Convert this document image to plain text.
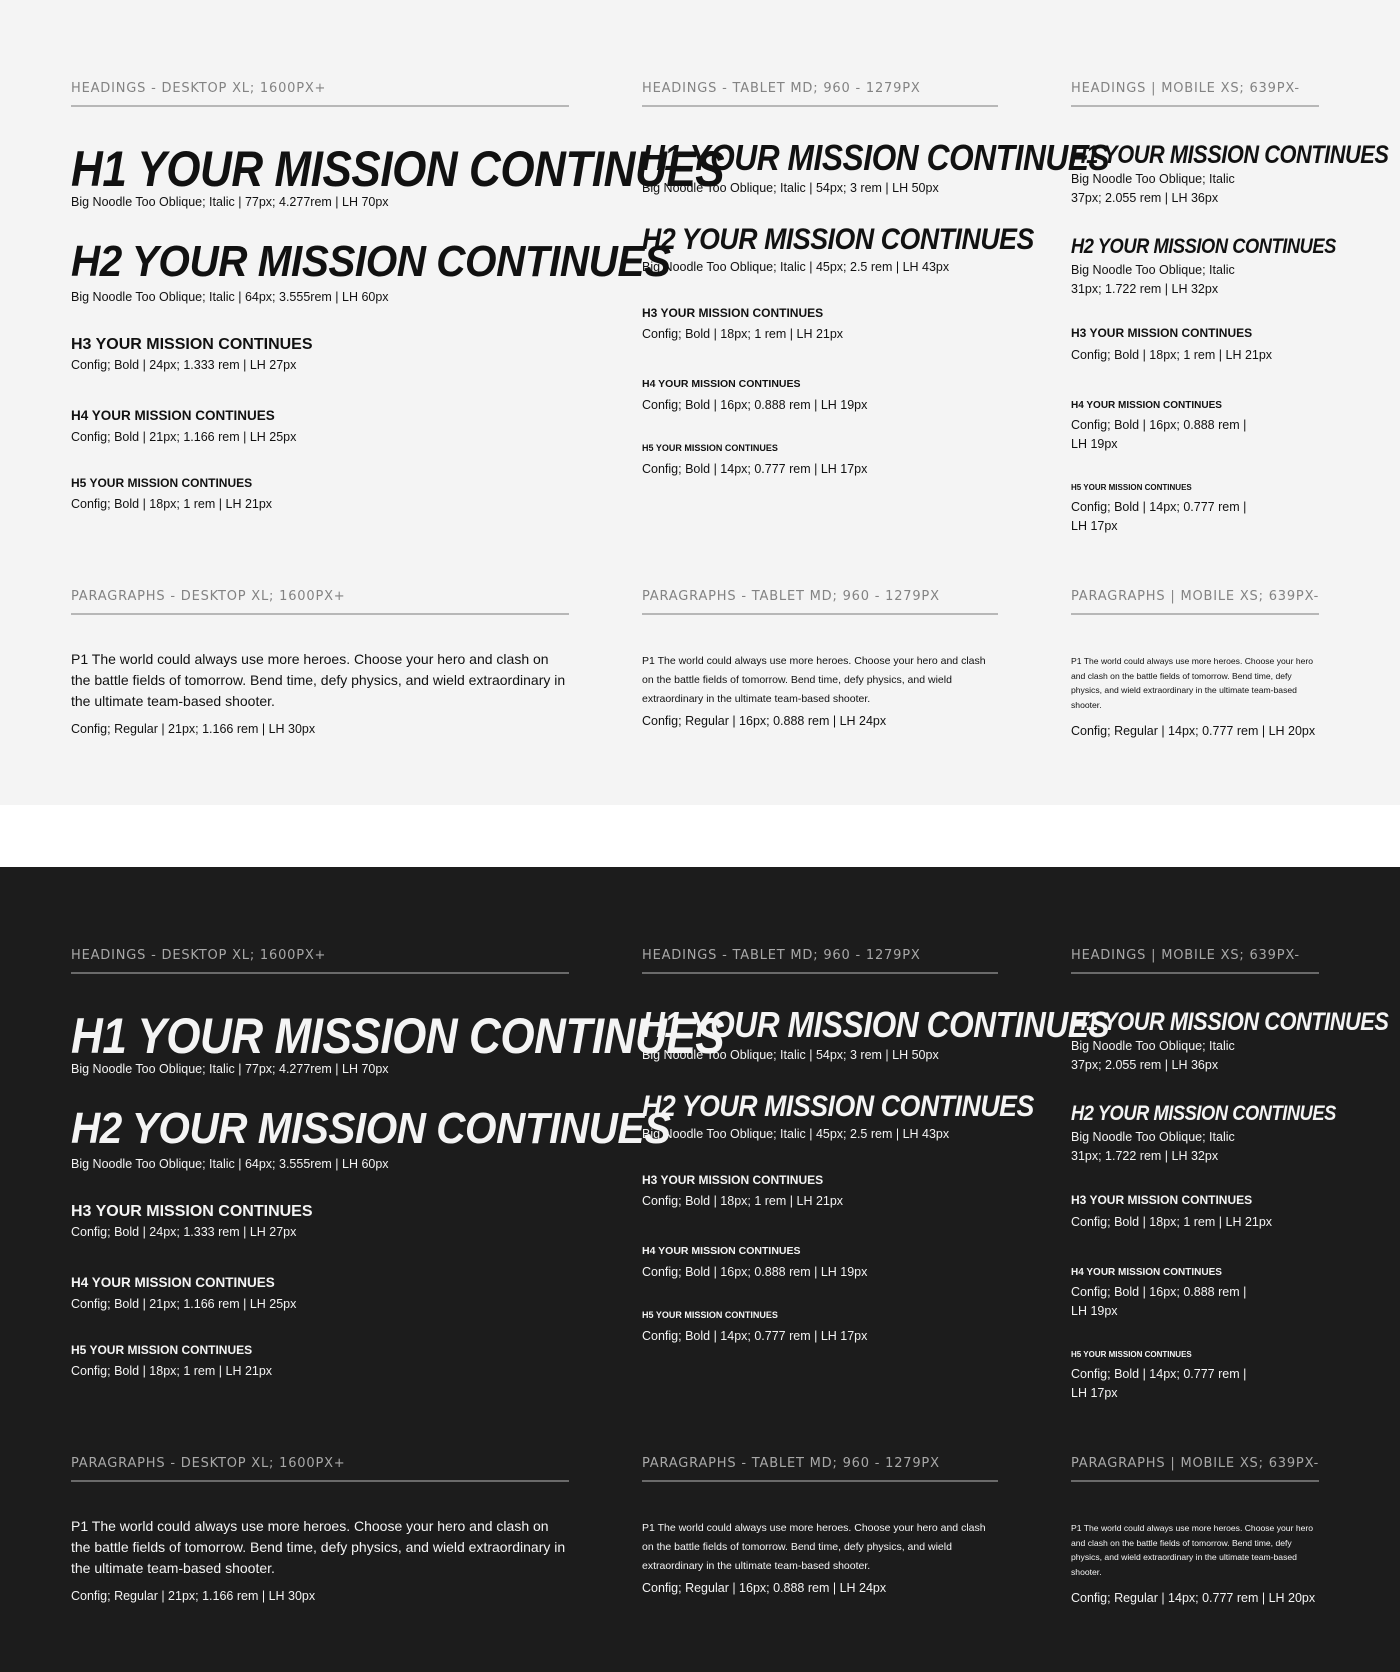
HEADINGS - DESKTOP XL; 1600PX+
H1 YOUR MISSION CONTINUES
Big Noodle Too Oblique; Italic | 77px; 4.277rem | LH 70px
H2 YOUR MISSION CONTINUES
Big Noodle Too Oblique; Italic | 64px; 3.555rem | LH 60px
H3 YOUR MISSION CONTINUES
Config; Bold | 24px; 1.333 rem | LH 27px
H4 YOUR MISSION CONTINUES
Config; Bold | 21px; 1.166 rem | LH 25px
H5 YOUR MISSION CONTINUES
Config; Bold | 18px; 1 rem | LH 21px
PARAGRAPHS - DESKTOP XL; 1600PX+
P1 The world could always use more heroes. Choose your hero and clash on the battle fields of tomorrow. Bend time, defy physics, and wield extraordinary in the ultimate team-based shooter.
Config; Regular | 21px; 1.166 rem | LH 30px
HEADINGS - TABLET MD; 960 - 1279PX
H1 YOUR MISSION CONTINUES
Big Noodle Too Oblique; Italic | 54px; 3 rem | LH 50px
H2 YOUR MISSION CONTINUES
Big Noodle Too Oblique; Italic | 45px; 2.5 rem | LH 43px
H3 YOUR MISSION CONTINUES
Config; Bold | 18px; 1 rem | LH 21px
H4 YOUR MISSION CONTINUES
Config; Bold | 16px; 0.888 rem | LH 19px
H5 YOUR MISSION CONTINUES
Config; Bold | 14px; 0.777 rem | LH 17px
PARAGRAPHS - TABLET MD; 960 - 1279PX
P1 The world could always use more heroes. Choose your hero and clash on the battle fields of tomorrow. Bend time, defy physics, and wield extraordinary in the ultimate team-based shooter.
Config; Regular | 16px; 0.888 rem | LH 24px
HEADINGS | MOBILE XS; 639PX-
H1 YOUR MISSION CONTINUES
Big Noodle Too Oblique; Italic
37px; 2.055 rem | LH 36px
H2 YOUR MISSION CONTINUES
Big Noodle Too Oblique; Italic
31px; 1.722 rem | LH 32px
H3 YOUR MISSION CONTINUES
Config; Bold | 18px; 1 rem | LH 21px
H4 YOUR MISSION CONTINUES
Config; Bold | 16px; 0.888 rem |
LH 19px
H5 YOUR MISSION CONTINUES
Config; Bold | 14px; 0.777 rem |
LH 17px
PARAGRAPHS | MOBILE XS; 639PX-
P1 The world could always use more heroes. Choose your hero and clash on the battle fields of tomorrow. Bend time, defy physics, and wield extraordinary in the ultimate team-based shooter.
Config; Regular | 14px; 0.777 rem | LH 20px
HEADINGS - DESKTOP XL; 1600PX+
H1 YOUR MISSION CONTINUES
Big Noodle Too Oblique; Italic | 77px; 4.277rem | LH 70px
H2 YOUR MISSION CONTINUES
Big Noodle Too Oblique; Italic | 64px; 3.555rem | LH 60px
H3 YOUR MISSION CONTINUES
Config; Bold | 24px; 1.333 rem | LH 27px
H4 YOUR MISSION CONTINUES
Config; Bold | 21px; 1.166 rem | LH 25px
H5 YOUR MISSION CONTINUES
Config; Bold | 18px; 1 rem | LH 21px
PARAGRAPHS - DESKTOP XL; 1600PX+
P1 The world could always use more heroes. Choose your hero and clash on the battle fields of tomorrow. Bend time, defy physics, and wield extraordinary in the ultimate team-based shooter.
Config; Regular | 21px; 1.166 rem | LH 30px
HEADINGS - TABLET MD; 960 - 1279PX
H1 YOUR MISSION CONTINUES
Big Noodle Too Oblique; Italic | 54px; 3 rem | LH 50px
H2 YOUR MISSION CONTINUES
Big Noodle Too Oblique; Italic | 45px; 2.5 rem | LH 43px
H3 YOUR MISSION CONTINUES
Config; Bold | 18px; 1 rem | LH 21px
H4 YOUR MISSION CONTINUES
Config; Bold | 16px; 0.888 rem | LH 19px
H5 YOUR MISSION CONTINUES
Config; Bold | 14px; 0.777 rem | LH 17px
PARAGRAPHS - TABLET MD; 960 - 1279PX
P1 The world could always use more heroes. Choose your hero and clash on the battle fields of tomorrow. Bend time, defy physics, and wield extraordinary in the ultimate team-based shooter.
Config; Regular | 16px; 0.888 rem | LH 24px
HEADINGS | MOBILE XS; 639PX-
H1 YOUR MISSION CONTINUES
Big Noodle Too Oblique; Italic
37px; 2.055 rem | LH 36px
H2 YOUR MISSION CONTINUES
Big Noodle Too Oblique; Italic
31px; 1.722 rem | LH 32px
H3 YOUR MISSION CONTINUES
Config; Bold | 18px; 1 rem | LH 21px
H4 YOUR MISSION CONTINUES
Config; Bold | 16px; 0.888 rem |
LH 19px
H5 YOUR MISSION CONTINUES
Config; Bold | 14px; 0.777 rem |
LH 17px
PARAGRAPHS | MOBILE XS; 639PX-
P1 The world could always use more heroes. Choose your hero and clash on the battle fields of tomorrow. Bend time, defy physics, and wield extraordinary in the ultimate team-based shooter.
Config; Regular | 14px; 0.777 rem | LH 20px
